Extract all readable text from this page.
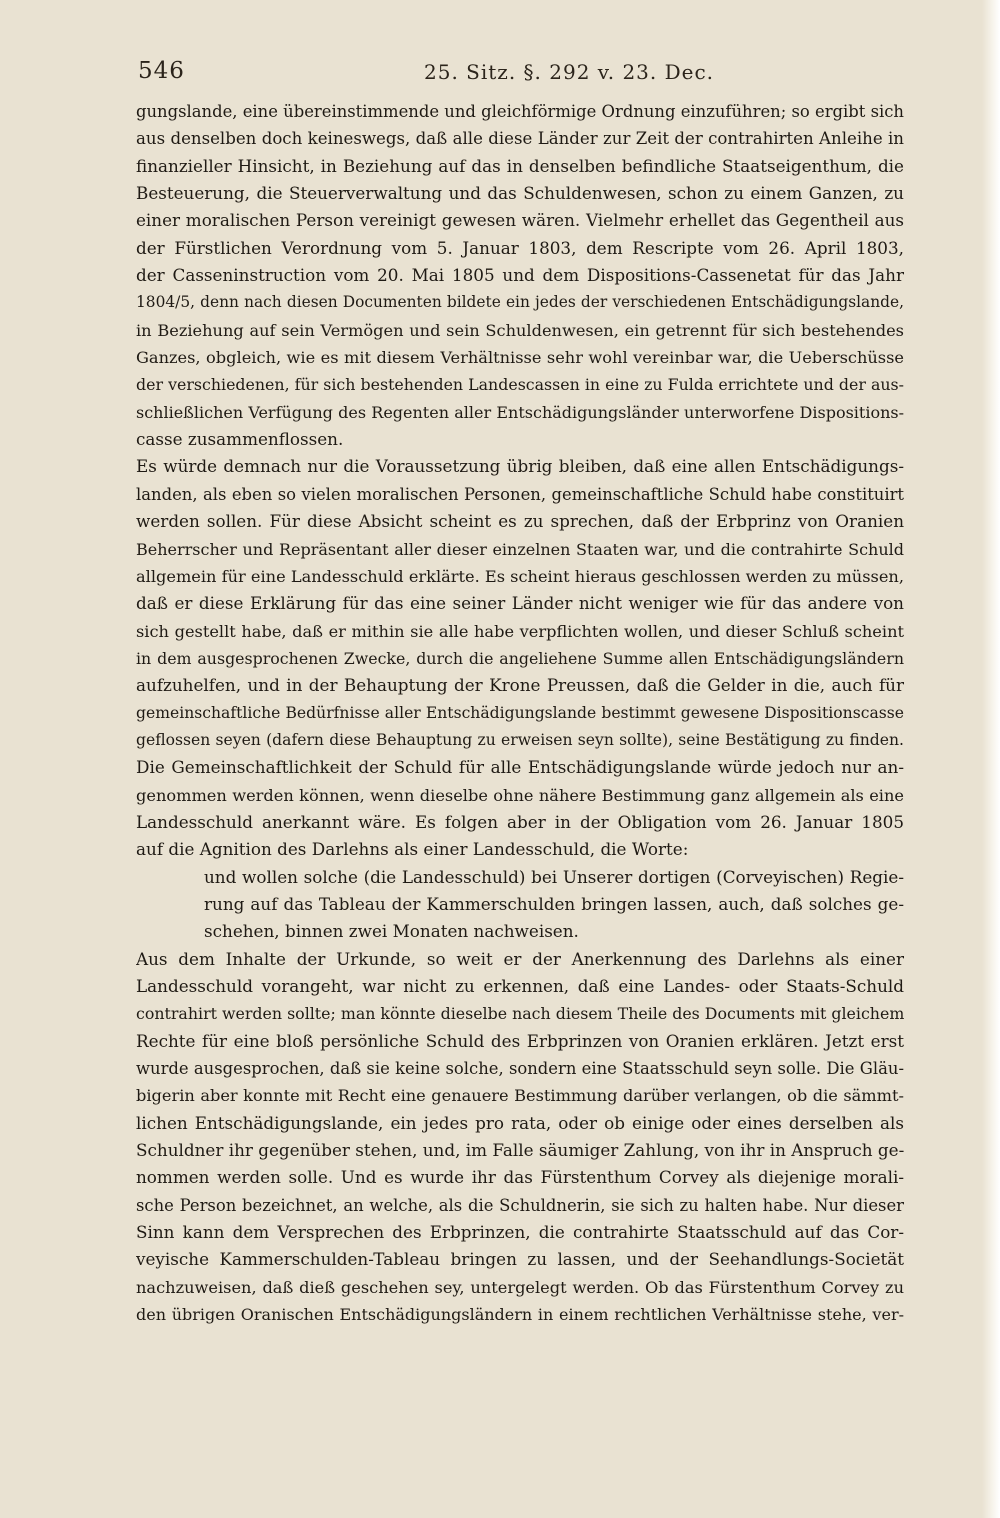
546	25. Sitz. §. 292 v. 23. Dec.
gungslande, eine übereinstimmende und gleichförmige Ordnung einzuführen; so ergibt sich
aus denselben doch keineswegs, daß alle diese Länder zur Zeit der contrahirten Anleihe in
finanzieller Hinsicht, in Beziehung auf das in denselben befindliche Staatseigenthum, die
Besteuerung, die Steuerverwaltung und das Schuldenwesen, schon zu einem Ganzen, zu
einer moralischen Person vereinigt gewesen wären. Vielmehr erhellet das Gegentheil aus
der Fürstlichen Verordnung vom 5. Januar 1803, dem Rescripte vom 26. April 1803,
der Casseninstruction vom 20. Mai 1805 und dem Dispositions-Cassenetat für das Jahr
1804/5, denn nach diesen Documenten bildete ein jedes der verschiedenen Entschädigungslande,
in Beziehung auf sein Vermögen und sein Schuldenwesen, ein getrennt für sich bestehendes
Ganzes, obgleich, wie es mit diesem Verhältnisse sehr wohl vereinbar war, die Ueberschüsse
der verschiedenen, für sich bestehenden Landescassen in eine zu Fulda errichtete und der aus-
schließlichen Verfügung des Regenten aller Entschädigungsländer unterworfene Dispositions-
casse zusammenflossen.
Es würde demnach nur die Voraussetzung übrig bleiben, daß eine allen Entschädigungs-
landen, als eben so vielen moralischen Personen, gemeinschaftliche Schuld habe constituirt
werden sollen. Für diese Absicht scheint es zu sprechen, daß der Erbprinz von Oranien
Beherrscher und Repräsentant aller dieser einzelnen Staaten war, und die contrahirte Schuld
allgemein für eine Landesschuld erklärte. Es scheint hieraus geschlossen werden zu müssen,
daß er diese Erklärung für das eine seiner Länder nicht weniger wie für das andere von
sich gestellt habe, daß er mithin sie alle habe verpflichten wollen, und dieser Schluß scheint
in dem ausgesprochenen Zwecke, durch die angeliehene Summe allen Entschädigungsländern
aufzuhelfen, und in der Behauptung der Krone Preussen, daß die Gelder in die, auch für
gemeinschaftliche Bedürfnisse aller Entschädigungslande bestimmt gewesene Dispositionscasse
geflossen seyen (dafern diese Behauptung zu erweisen seyn sollte), seine Bestätigung zu finden.
Die Gemeinschaftlichkeit der Schuld für alle Entschädigungslande würde jedoch nur an-
genommen werden können, wenn dieselbe ohne nähere Bestimmung ganz allgemein als eine
Landesschuld anerkannt wäre. Es folgen aber in der Obligation vom 26. Januar 1805
auf die Agnition des Darlehns als einer Landesschuld, die Worte:
und wollen solche (die Landesschuld) bei Unserer dortigen (Corveyischen) Regie-
rung auf das Tableau der Kammerschulden bringen lassen, auch, daß solches ge-
schehen, binnen zwei Monaten nachweisen.
Aus dem Inhalte der Urkunde, so weit er der Anerkennung des Darlehns als einer
Landesschuld vorangeht, war nicht zu erkennen, daß eine Landes- oder Staats-Schuld
contrahirt werden sollte; man könnte dieselbe nach diesem Theile des Documents mit gleichem
Rechte für eine bloß persönliche Schuld des Erbprinzen von Oranien erklären. Jetzt erst
wurde ausgesprochen, daß sie keine solche, sondern eine Staatsschuld seyn solle. Die Gläu-
bigerin aber konnte mit Recht eine genauere Bestimmung darüber verlangen, ob die sämmt-
lichen Entschädigungslande, ein jedes pro rata, oder ob einige oder eines derselben als
Schuldner ihr gegenüber stehen, und, im Falle säumiger Zahlung, von ihr in Anspruch ge-
nommen werden solle. Und es wurde ihr das Fürstenthum Corvey als diejenige morali-
sche Person bezeichnet, an welche, als die Schuldnerin, sie sich zu halten habe. Nur dieser
Sinn kann dem Versprechen des Erbprinzen, die contrahirte Staatsschuld auf das Cor-
veyische Kammerschulden-Tableau bringen zu lassen, und der Seehandlungs-Societät
nachzuweisen, daß dieß geschehen sey, untergelegt werden. Ob das Fürstenthum Corvey zu
den übrigen Oranischen Entschädigungsländern in einem rechtlichen Verhältnisse stehe, ver-
